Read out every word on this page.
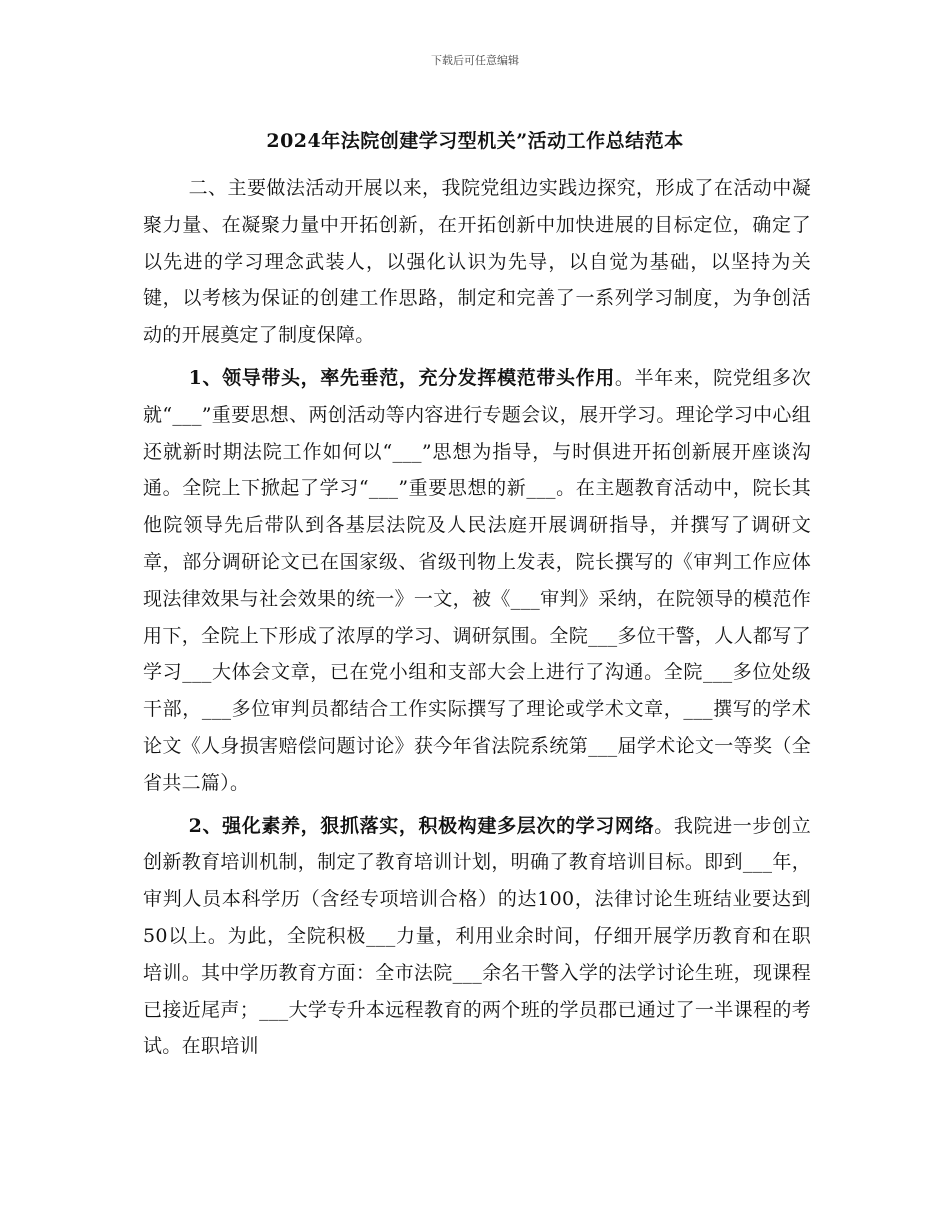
下载后可任意编辑
2024年法院创建学习型机关”活动工作总结范本

二、主要做法活动开展以来，我院党组边实践边探究，形成了在活动中凝聚力量、在凝聚力量中开拓创新，在开拓创新中加快进展的目标定位，确定了以先进的学习理念武装人，以强化认识为先导，以自觉为基础，以坚持为关键，以考核为保证的创建工作思路，制定和完善了一系列学习制度，为争创活动的开展奠定了制度保障。

1、领导带头，率先垂范，充分发挥模范带头作用。半年来，院党组多次就“___”重要思想、两创活动等内容进行专题会议，展开学习。理论学习中心组还就新时期法院工作如何以“___”思想为指导，与时俱进开拓创新展开座谈沟通。全院上下掀起了学习“___”重要思想的新___。在主题教育活动中，院长其他院领导先后带队到各基层法院及人民法庭开展调研指导，并撰写了调研文章，部分调研论文已在国家级、省级刊物上发表，院长撰写的《审判工作应体现法律效果与社会效果的统一》一文，被《___审判》采纳，在院领导的模范作用下，全院上下形成了浓厚的学习、调研氛围。全院___多位干警，人人都写了学习___大体会文章，已在党小组和支部大会上进行了沟通。全院___多位处级干部，___多位审判员都结合工作实际撰写了理论或学术文章，___撰写的学术论文《人身损害赔偿问题讨论》获今年省法院系统第___届学术论文一等奖（全省共二篇）。

2、强化素养，狠抓落实，积极构建多层次的学习网络。我院进一步创立创新教育培训机制，制定了教育培训计划，明确了教育培训目标。即到___年，审判人员本科学历（含经专项培训合格）的达100，法律讨论生班结业要达到50以上。为此，全院积极___力量，利用业余时间，仔细开展学历教育和在职培训。其中学历教育方面：全市法院___余名干警入学的法学讨论生班，现课程已接近尾声；___大学专升本远程教育的两个班的学员郡已通过了一半课程的考试。在职培训
